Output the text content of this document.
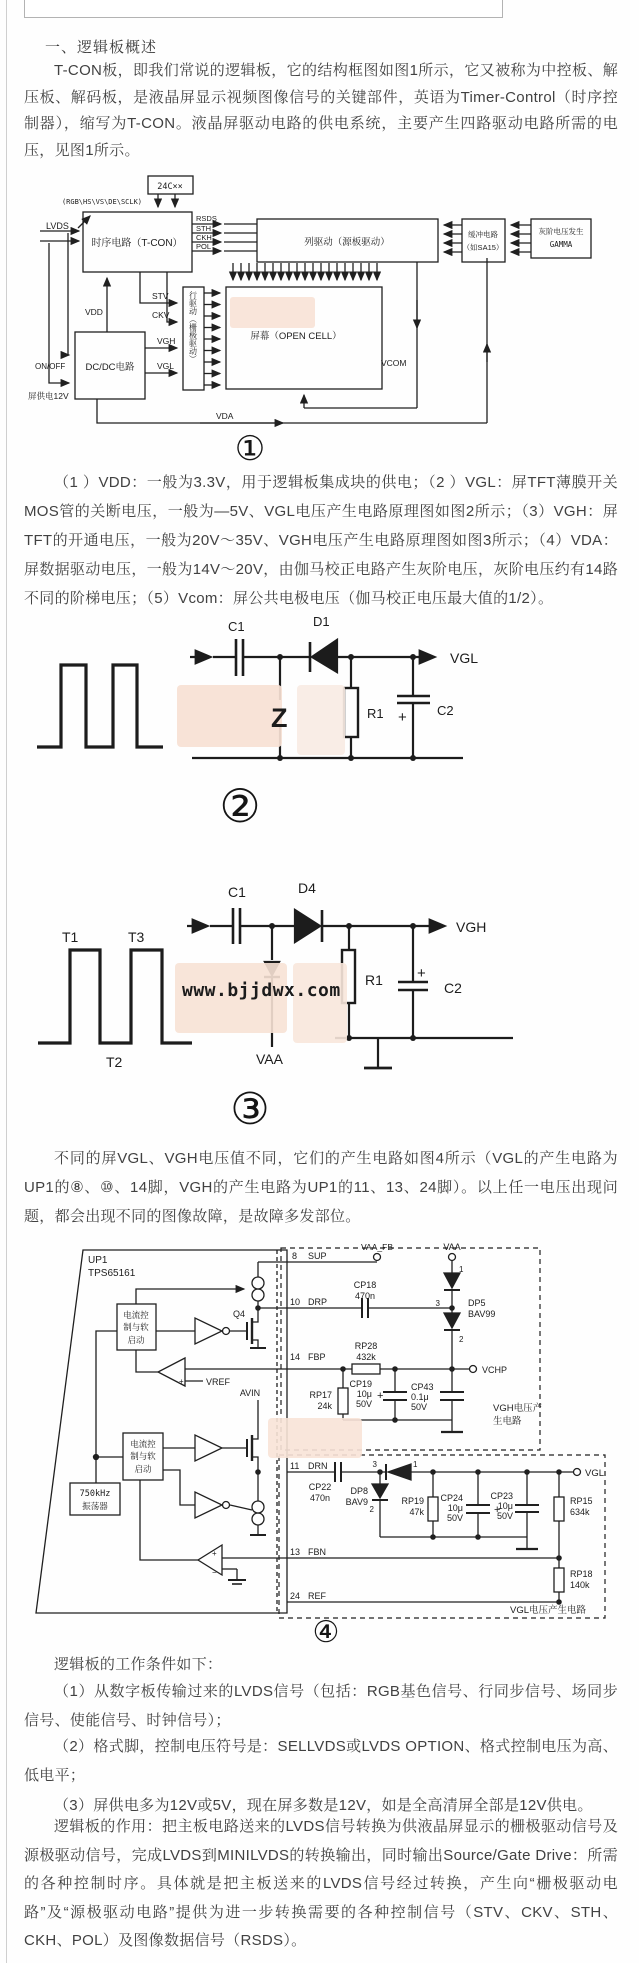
一、逻辑板概述
T-CON板，即我们常说的逻辑板，它的结构框图如图1所示，它又被称为中控板、解压板、解码板，是液晶屏显示视频图像信号的关键部件，英语为Timer-Control（时序控制器），缩写为T-CON。液晶屏驱动电路的供电系统，主要产生四路驱动电路所需的电压，见图1所示。
24C××
时序电路（T-CON）	列驱动（源板驱动）
缓冲电路
（如SA15）
灰阶电压发生
GAMMA
屏幕（OPEN CELL）
DC/DC电路
(RGB\HS\VS\DE\SCLK)
行驱动（栅极驱动）
LVDS
RSDS
STH
CKH
POL
STV
CKV
VGH
VGL
VDD
ON/OFF
屏供电12V
VCOM
VDA
①
（1 ）VDD：一般为3.3V，用于逻辑板集成块的供电；（2 ）VGL：屏TFT薄膜开关MOS管的关断电压，一般为—5V、VGL电压产生电路原理图如图2所示；（3）VGH：屏TFT的开通电压，一般为20V～35V、VGH电压产生电路原理图如图3所示；（4）VDA：屏数据驱动电压，一般为14V～20V，由伽马校正电路产生灰阶电压，灰阶电压约有14路不同的阶梯电压；（5）Vcom：屏公共电极电压（伽马校正电压最大值的1/2）。
C1	D1
Z	R1 + C2
VGL
②
www.bjjdwx.com
T1	T3
T2
C1	D4
R1 +
C2
VAA
VGH
③
不同的屏VGL、VGH电压值不同，它们的产生电路如图4所示（VGL的产生电路为UP1的⑧、⑩、14脚，VGH的产生电路为UP1的11、13、24脚）。以上任一电压出现问题，都会出现不同的图像故障，是故障多发部位。
UP1
TPS65161
8 SUP
10 DRP
14 FBP
11 DRN
13 FBN
24 REF
Q4
VREF
AVIN
VAA_FB	VAA
CP18
470n
1
3
2
DP5
BAV99
RP28
432k
RP17
24k
CP19
10μ
50V
+
CP43
0.1μ
50V
VCHP
CP22
470n
3	1
2
DP8
BAV9	RP19
47k
CP24
10μ
50V
+
CP23
10μ
50V
RP15
634k
RP18
140k
VGL
+
+
−
电流控
制与软
启动
电流控
制与软
启动
750kHz
振荡器
VGH电压产
生电路
VGL电压产生电路
④
逻辑板的工作条件如下：
（1）从数字板传输过来的LVDS信号（包括：RGB基色信号、行同步信号、场同步信号、使能信号、时钟信号）；
（2）格式脚，控制电压符号是：SELLVDS或LVDS OPTION、格式控制电压为高、低电平；
（3）屏供电多为12V或5V，现在屏多数是12V，如是全高清屏全部是12V供电。
逻辑板的作用：把主板电路送来的LVDS信号转换为供液晶屏显示的栅极驱动信号及源极驱动信号，完成LVDS到MINILVDS的转换输出，同时输出Source/Gate Drive：所需的各种控制时序。具体就是把主板送来的LVDS信号经过转换，产生向“栅极驱动电路”及“源极驱动电路”提供为进一步转换需要的各种控制信号（STV、CKV、STH、CKH、POL）及图像数据信号（RSDS）。
